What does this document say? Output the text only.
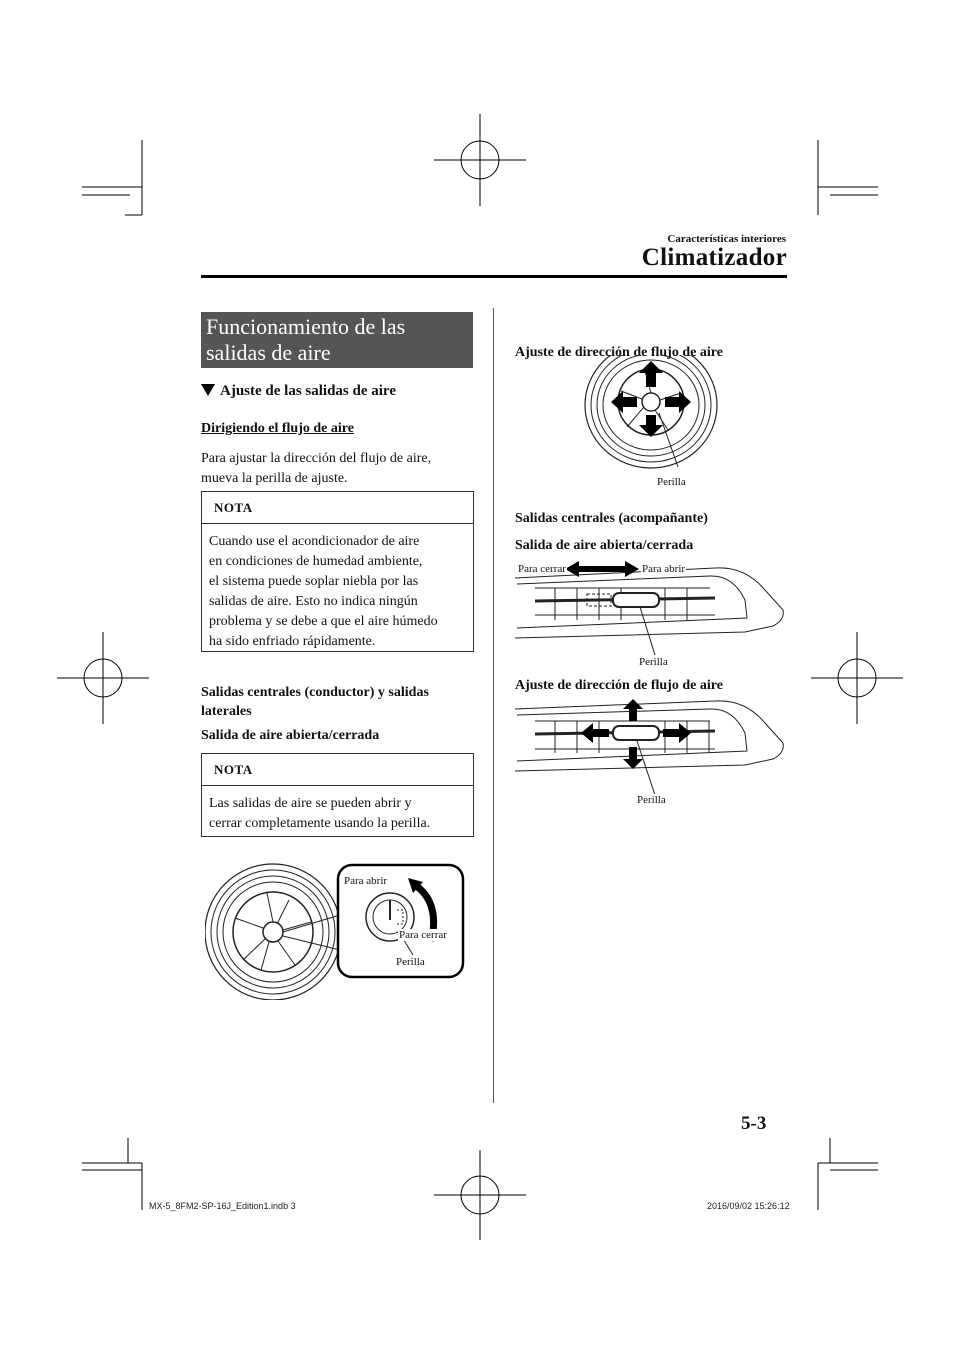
Características interiores
Climatizador
Funcionamiento de las
salidas de aire
Ajuste de las salidas de aire
Dirigiendo el flujo de aire
Para ajustar la dirección del flujo de aire,
mueva la perilla de ajuste.
NOTA
Cuando use el acondicionador de aire
en condiciones de humedad ambiente,
el sistema puede soplar niebla por las
salidas de aire. Esto no indica ningún
problema y se debe a que el aire húmedo
ha sido enfriado rápidamente.
Salidas centrales (conductor) y salidas
laterales
Salida de aire abierta/cerrada
NOTA
Las salidas de aire se pueden abrir y
cerrar completamente usando la perilla.
Para abrir
Para cerrar
Perilla
Ajuste de dirección de flujo de aire
Perilla
Salidas centrales (acompañante)
Salida de aire abierta/cerrada
Para cerrar	Para abrir
Perilla
Ajuste de dirección de flujo de aire
Perilla
5-3
MX-5_8FM2-SP-16J_Edition1.indb 3	2016/09/02 15:26:12
